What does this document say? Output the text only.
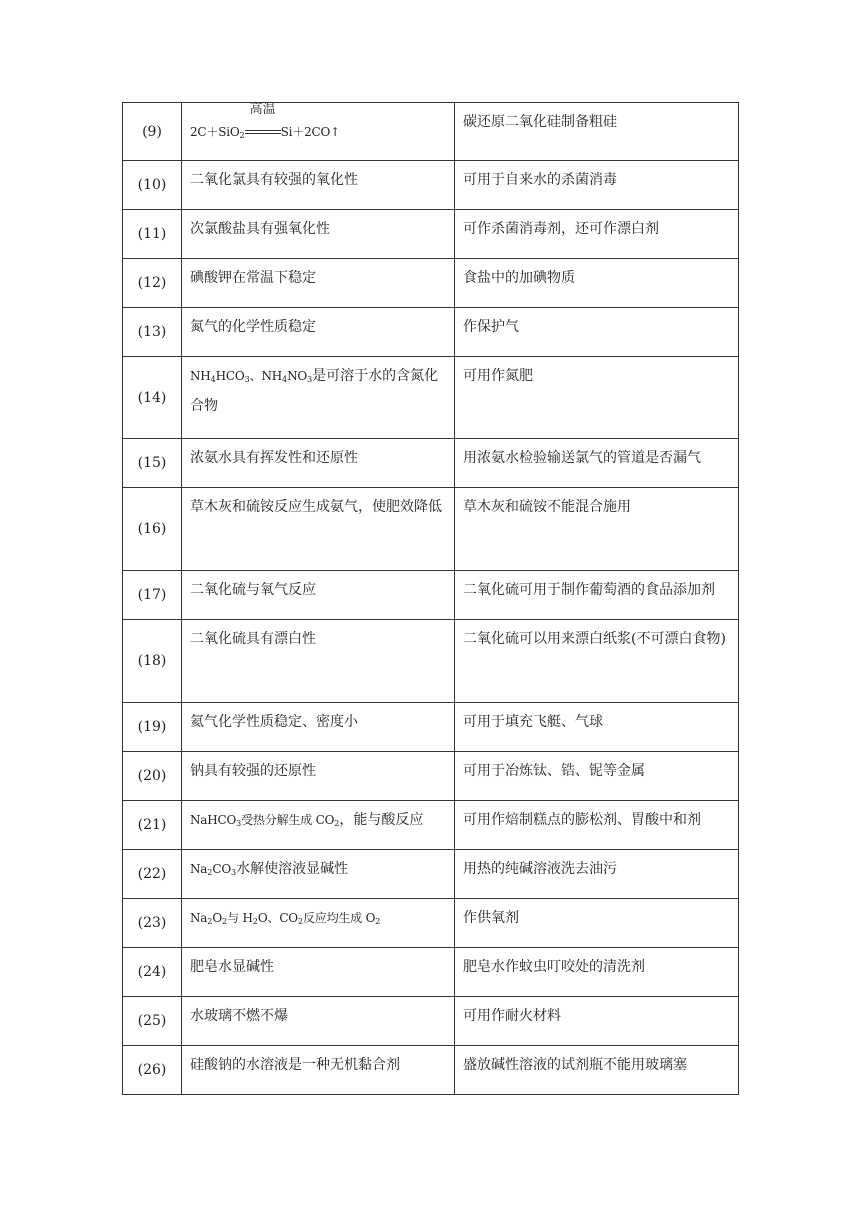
(9)	2C＋SiO$_2$
高温
Si＋2CO↑	碳还原二氧化硅制备粗硅
(10)	二氧化氯具有较强的氧化性	可用于自来水的杀菌消毒
(11)	次氯酸盐具有强氧化性	可作杀菌消毒剂，还可作漂白剂
(12)	碘酸钾在常温下稳定	食盐中的加碘物质
(13)	氮气的化学性质稳定	作保护气
(14)	$NH_4HCO_3$、$NH_4NO_3$是可溶于水的含氮化合物	可用作氮肥
(15)	浓氨水具有挥发性和还原性	用浓氨水检验输送氯气的管道是否漏气
(16)	草木灰和硫铵反应生成氨气，使肥效降低	草木灰和硫铵不能混合施用
(17)	二氧化硫与氧气反应	二氧化硫可用于制作葡萄酒的食品添加剂
(18)	二氧化硫具有漂白性	二氧化硫可以用来漂白纸浆(不可漂白食物)
(19)	氦气化学性质稳定、密度小	可用于填充飞艇、气球
(20)	钠具有较强的还原性	可用于冶炼钛、锆、铌等金属
(21)	NaHCO$_3$受热分解生成 $CO_2$，能与酸反应	可用作焙制糕点的膨松剂、胃酸中和剂
(22)	$Na_2CO_3$水解使溶液显碱性	用热的纯碱溶液洗去油污
(23)	$Na_2O_2$与 $H_2O$、$CO_2$反应均生成 $O_2$	作供氧剂
(24)	肥皂水显碱性	肥皂水作蚊虫叮咬处的清洗剂
(25)	水玻璃不燃不爆	可用作耐火材料
(26)	硅酸钠的水溶液是一种无机黏合剂	盛放碱性溶液的试剂瓶不能用玻璃塞
